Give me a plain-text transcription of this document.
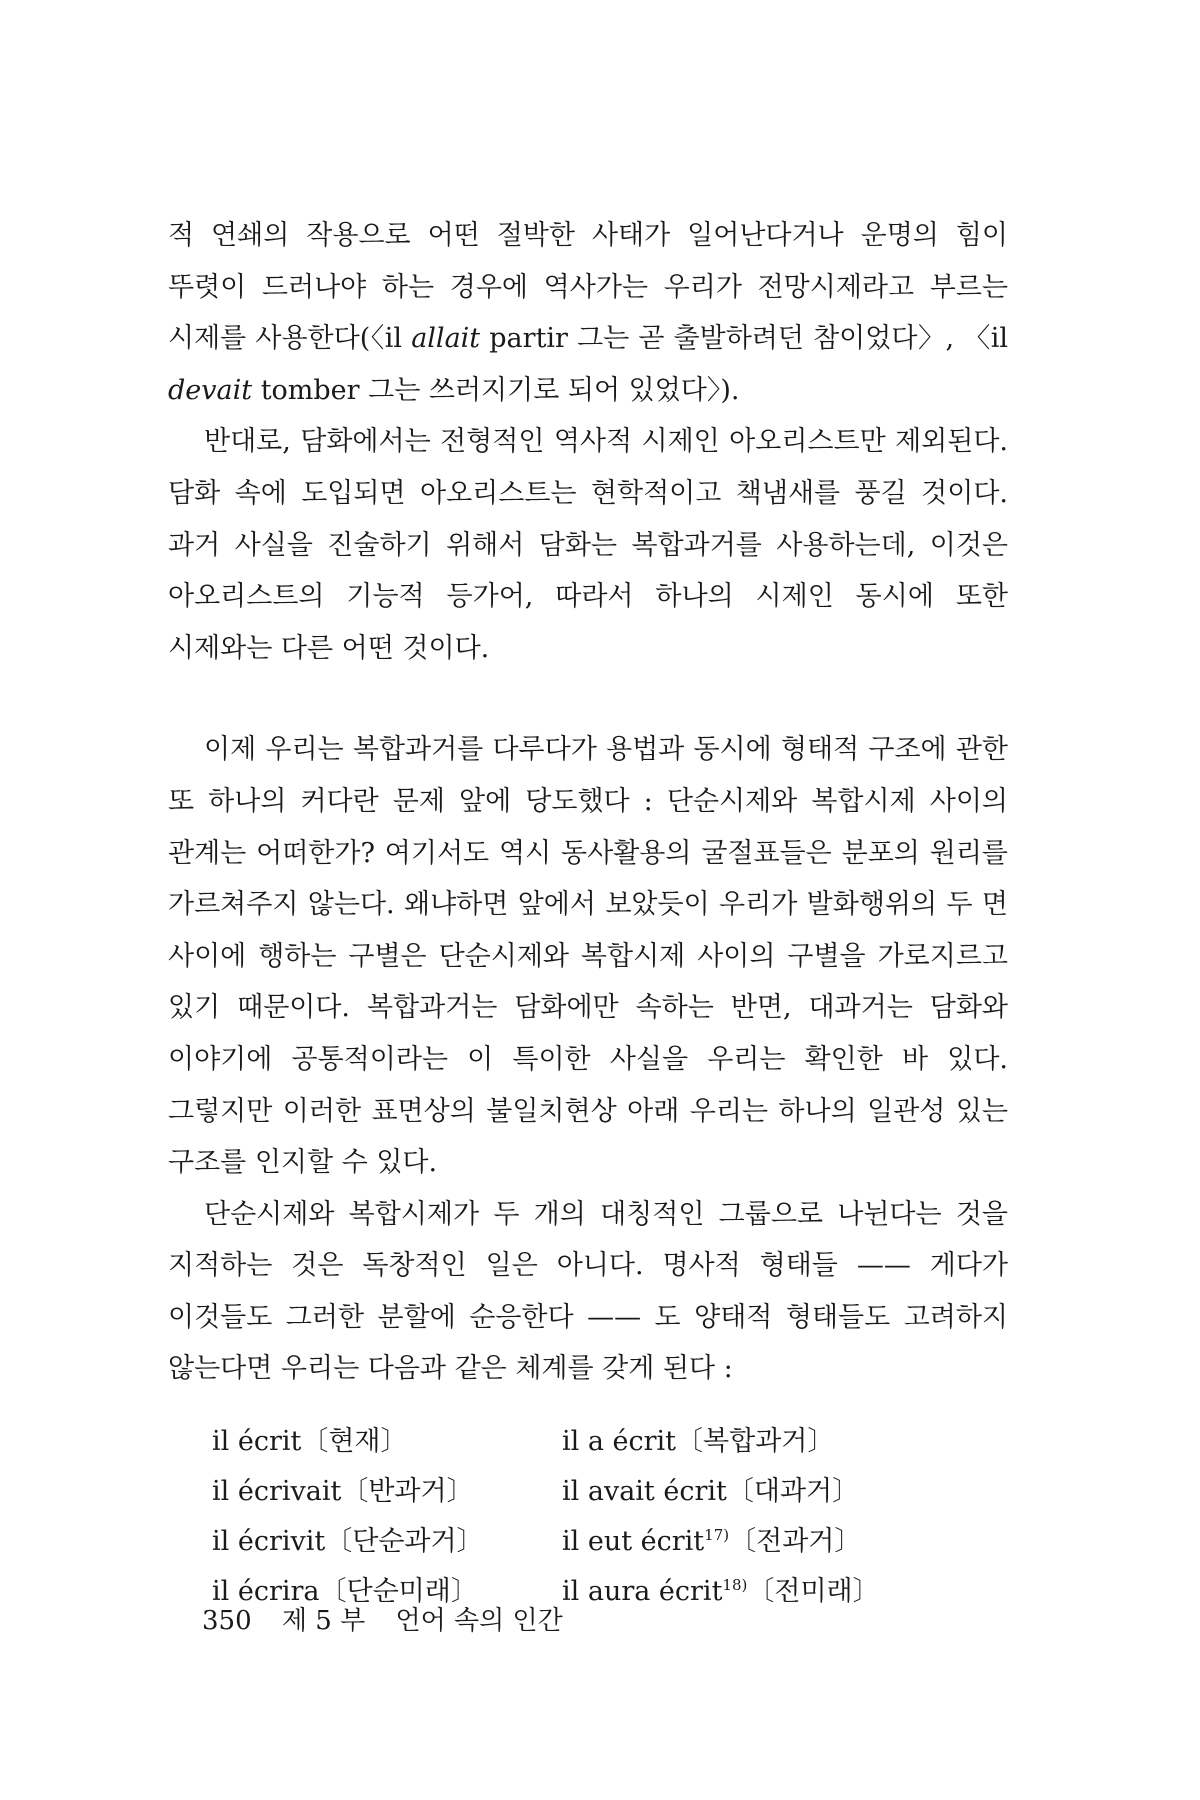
적 연쇄의 작용으로 어떤 절박한 사태가 일어난다거나 운명의 힘이 뚜렷이 드러나야 하는 경우에 역사가는 우리가 전망시제라고 부르는 시제를 사용한다(〈il allait partir 그는 곧 출발하려던 참이었다〉, 〈il devait tomber 그는 쓰러지기로 되어 있었다〉).

반대로, 담화에서는 전형적인 역사적 시제인 아오리스트만 제외된다. 담화 속에 도입되면 아오리스트는 현학적이고 책냄새를 풍길 것이다. 과거 사실을 진술하기 위해서 담화는 복합과거를 사용하는데, 이것은 아오리스트의 기능적 등가어, 따라서 하나의 시제인 동시에 또한 시제와는 다른 어떤 것이다.

이제 우리는 복합과거를 다루다가 용법과 동시에 형태적 구조에 관한 또 하나의 커다란 문제 앞에 당도했다 : 단순시제와 복합시제 사이의 관계는 어떠한가? 여기서도 역시 동사활용의 굴절표들은 분포의 원리를 가르쳐주지 않는다. 왜냐하면 앞에서 보았듯이 우리가 발화행위의 두 면 사이에 행하는 구별은 단순시제와 복합시제 사이의 구별을 가로지르고 있기 때문이다. 복합과거는 담화에만 속하는 반면, 대과거는 담화와 이야기에 공통적이라는 이 특이한 사실을 우리는 확인한 바 있다. 그렇지만 이러한 표면상의 불일치현상 아래 우리는 하나의 일관성 있는 구조를 인지할 수 있다.

단순시제와 복합시제가 두 개의 대칭적인 그룹으로 나뉜다는 것을 지적하는 것은 독창적인 일은 아니다. 명사적 형태들 —— 게다가 이것들도 그러한 분할에 순응한다 —— 도 양태적 형태들도 고려하지 않는다면 우리는 다음과 같은 체계를 갖게 된다 :

il écrit〔현재〕	il a écrit〔복합과거〕
il écrivait〔반과거〕	il avait écrit〔대과거〕
il écrivit〔단순과거〕	il eut écrit$^{17)}$〔전과거〕
il écrira〔단순미래〕	il aura écrit$^{18)}$〔전미래〕
350 제 5 부 언어 속의 인간
